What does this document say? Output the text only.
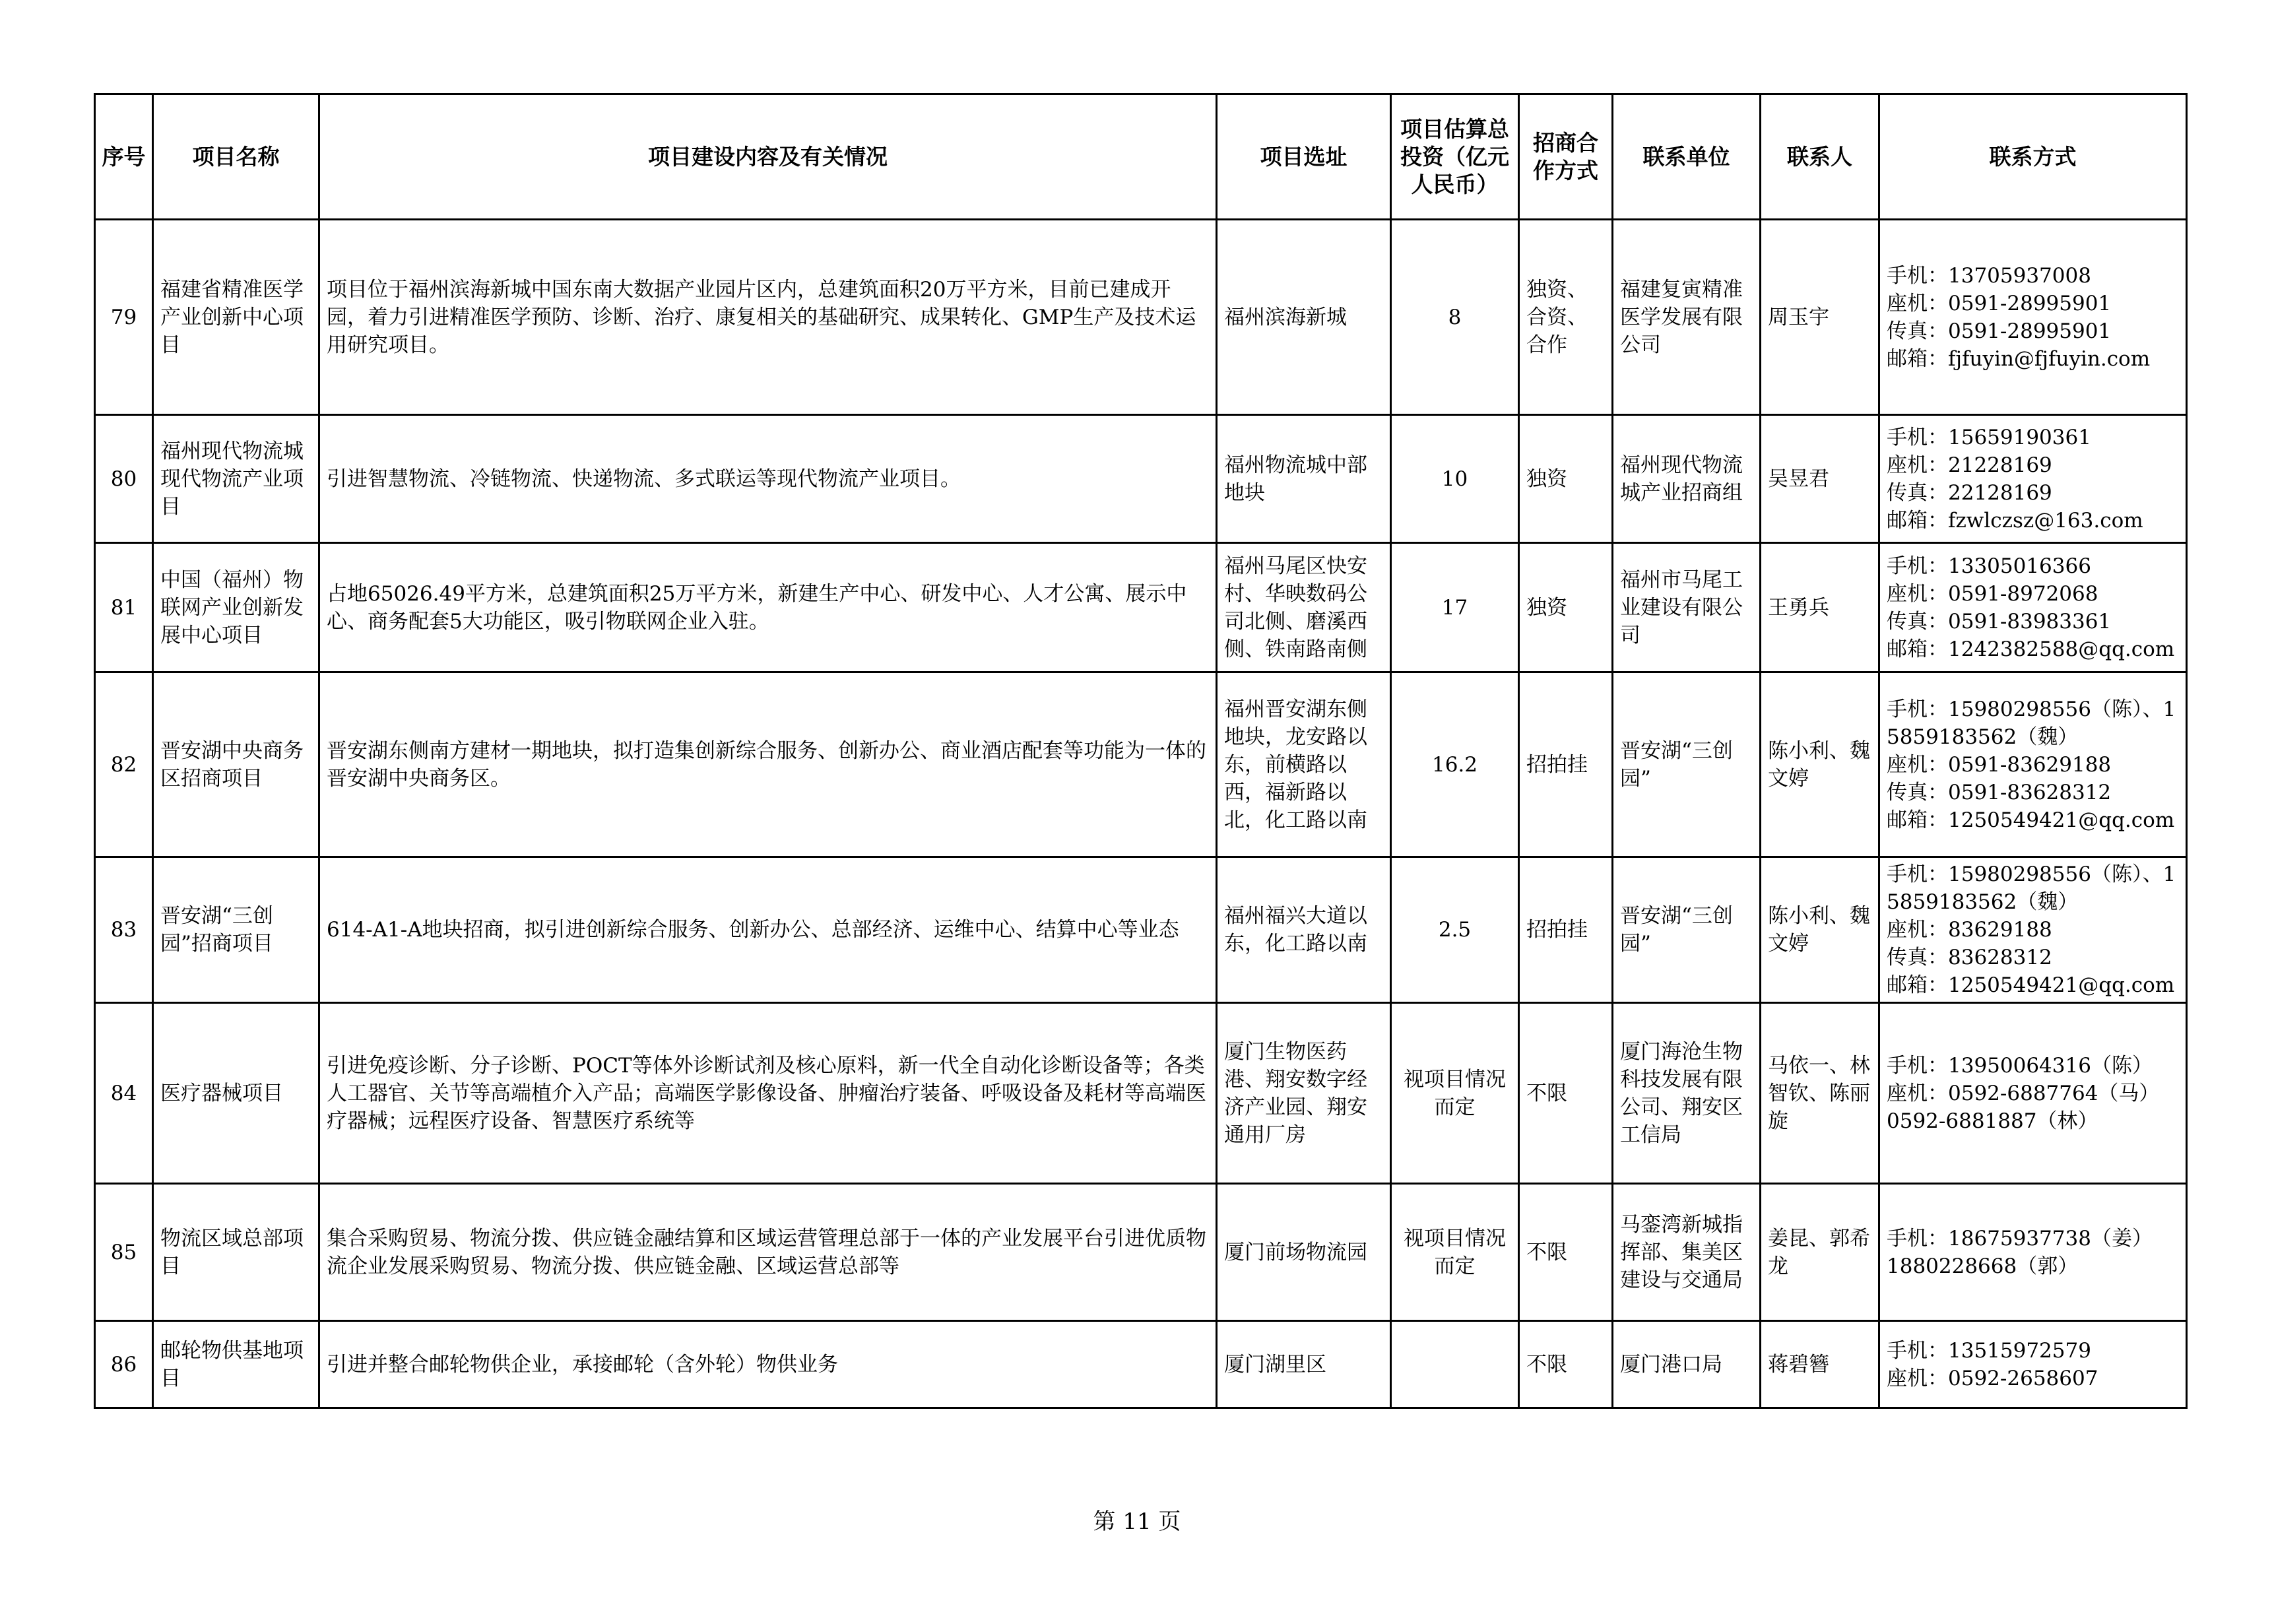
序号	项目名称	项目建设内容及有关情况	项目选址	项目估算总投资（亿元人民币）	招商合作方式	联系单位	联系人	联系方式
79	福建省精准医学产业创新中心项目	项目位于福州滨海新城中国东南大数据产业园片区内，总建筑面积20万平方米，目前已建成开园，着力引进精准医学预防、诊断、治疗、康复相关的基础研究、成果转化、GMP生产及技术运用研究项目。	福州滨海新城	8	独资、合资、合作	福建复寅精准医学发展有限公司	周玉宇	手机：13705937008
座机：0591-28995901
传真：0591-28995901
邮箱：fjfuyin@fjfuyin.com

80	福州现代物流城现代物流产业项目	引进智慧物流、冷链物流、快递物流、多式联运等现代物流产业项目。	福州物流城中部地块	10	独资	福州现代物流城产业招商组	吴昱君	手机：15659190361
座机：21228169
传真：22128169
邮箱：fzwlczsz@163.com

81	中国（福州）物联网产业创新发展中心项目	占地65026.49平方米，总建筑面积25万平方米，新建生产中心、研发中心、人才公寓、展示中心、商务配套5大功能区，吸引物联网企业入驻。	福州马尾区快安村、华映数码公司北侧、磨溪西侧、铁南路南侧	17	独资	福州市马尾工业建设有限公司	王勇兵	手机：13305016366
座机：0591-8972068
传真：0591-83983361
邮箱：1242382588@qq.com

82	晋安湖中央商务区招商项目	晋安湖东侧南方建材一期地块，拟打造集创新综合服务、创新办公、商业酒店配套等功能为一体的晋安湖中央商务区。	福州晋安湖东侧地块，龙安路以东，前横路以西，福新路以北，化工路以南	16.2	招拍挂	晋安湖“三创园”	陈小利、魏文婷	手机：15980298556（陈）、15859183562（魏）
座机：0591-83629188
传真：0591-83628312
邮箱：1250549421@qq.com

83	晋安湖“三创园”招商项目	614-A1-A地块招商，拟引进创新综合服务、创新办公、总部经济、运维中心、结算中心等业态	福州福兴大道以东，化工路以南	2.5	招拍挂	晋安湖“三创园”	陈小利、魏文婷	手机：15980298556（陈）、15859183562（魏）
座机：83629188
传真：83628312
邮箱：1250549421@qq.com

84	医疗器械项目	引进免疫诊断、分子诊断、POCT等体外诊断试剂及核心原料，新一代全自动化诊断设备等；各类人工器官、关节等高端植介入产品；高端医学影像设备、肿瘤治疗装备、呼吸设备及耗材等高端医疗器械；远程医疗设备、智慧医疗系统等	厦门生物医药港、翔安数字经济产业园、翔安通用厂房	视项目情况而定	不限	厦门海沧生物科技发展有限公司、翔安区工信局	马依一、林智钦、陈丽旋	手机：13950064316（陈）
座机：0592-6887764（马）
0592-6881887（林）

85	物流区域总部项目	集合采购贸易、物流分拨、供应链金融结算和区域运营管理总部于一体的产业发展平台引进优质物流企业发展采购贸易、物流分拨、供应链金融、区域运营总部等	厦门前场物流园	视项目情况而定	不限	马銮湾新城指挥部、集美区建设与交通局	姜昆、郭希龙	手机：18675937738（姜）
1880228668（郭）

86	邮轮物供基地项目	引进并整合邮轮物供企业，承接邮轮（含外轮）物供业务	厦门湖里区		不限	厦门港口局	蒋碧簪	手机：13515972579
座机：0592-2658607
第 11 页
